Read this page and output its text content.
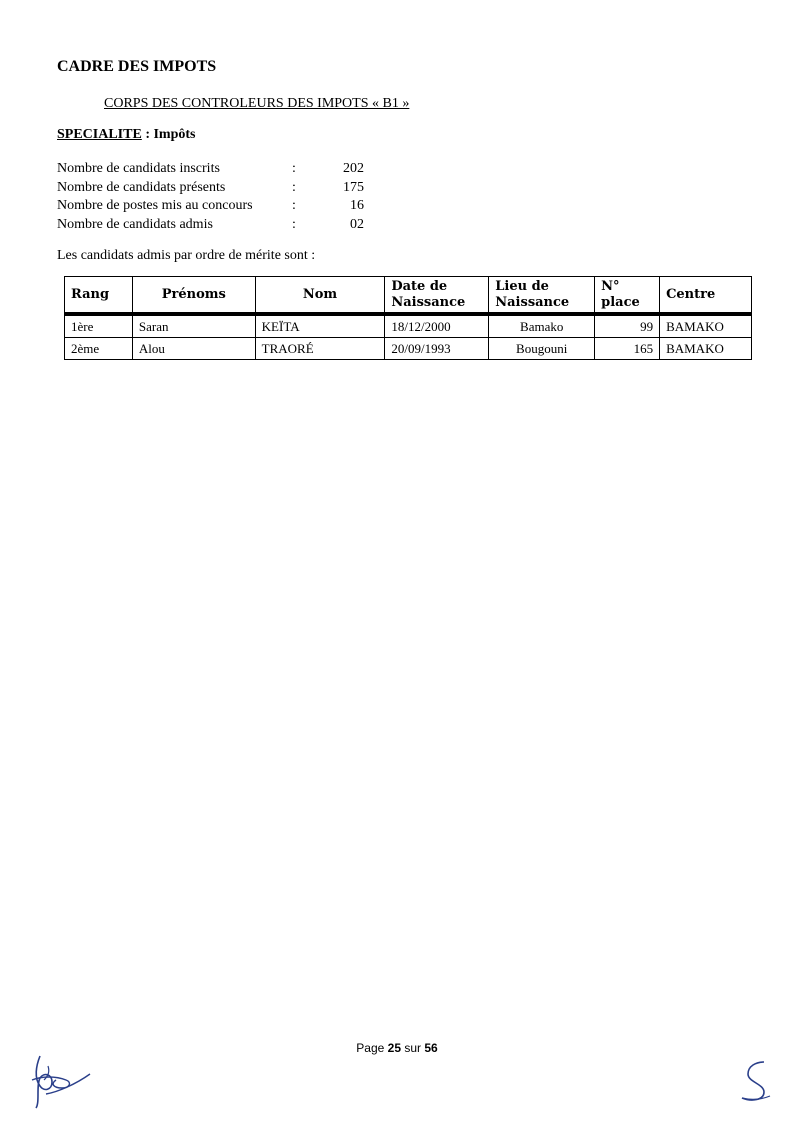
CADRE DES IMPOTS
CORPS DES CONTROLEURS DES IMPOTS « B1 »
SPECIALITE : Impôts
Nombre de candidats inscrits	:	202
Nombre de candidats présents	:	175
Nombre de postes mis au concours	:	16
Nombre de candidats admis	:	02
Les candidats admis par ordre de mérite sont :
Rang	Prénoms	Nom	Date de Naissance	Lieu de Naissance	N° place	Centre
1ère	Saran	KEÏTA	18/12/2000	Bamako	99	BAMAKO
2ème	Alou	TRAORÉ	20/09/1993	Bougouni	165	BAMAKO
Page 25 sur 56
